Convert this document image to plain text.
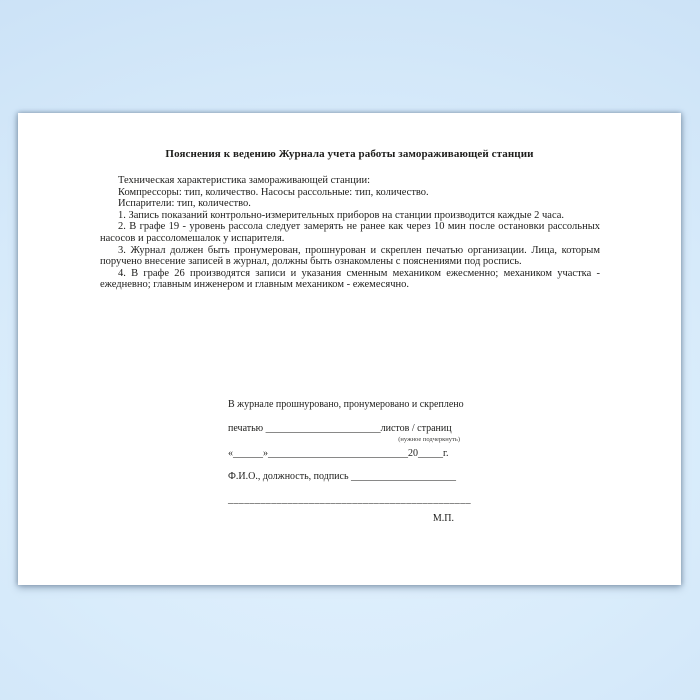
Пояснения к ведению Журнала учета работы замораживающей станции

Техническая характеристика замораживающей станции:

Компрессоры: тип, количество. Насосы рассольные: тип, количество.

Испарители: тип, количество.

1. Запись показаний контрольно-измерительных приборов на станции производится каждые 2 часа.

2. В графе 19 - уровень рассола следует замерять не ранее как через 10 мин после остановки рассольных насосов и рассоломешалок у испарителя.

3. Журнал должен быть пронумерован, прошнурован и скреплен печатью организации. Лица, которым поручено внесение записей в журнал, должны быть ознакомлены с пояснениями под роспись.

4. В графе 26 производятся записи и указания сменным механиком ежесменно; механиком участка - ежедневно; главным инженером и главным механиком - ежемесячно.

В журнале прошнуровано, пронумеровано и скреплено

печатью _______________________листов / страниц

(нужное подчеркнуть)

«______»____________________________20_____г.

Ф.И.О., должность, подпись _____________________

_____________________________________________

М.П.
